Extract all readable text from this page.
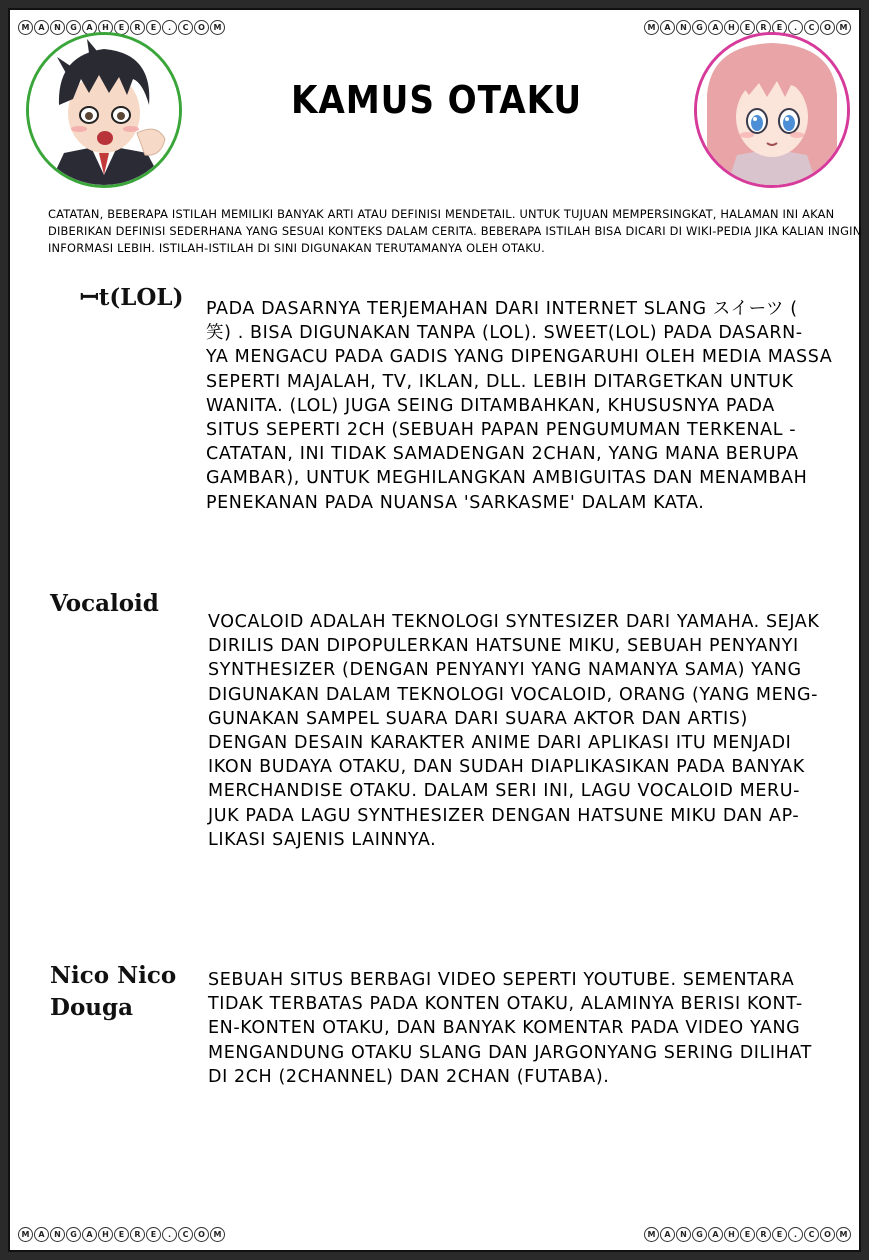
M	A	N	G	A	H	E	R	E	.	C	O	M	M	A	N	G	A	H	E	R	E	.	C	O	M
M	A	N	G	A	H	E	R	E	.	C	O	M	M	A	N	G	A	H	E	R	E	.	C	O	M
KAMUS OTAKU
CATATAN, BEBERAPA ISTILAH MEMILIKI BANYAK ARTI ATAU DEFINISI MENDETAIL. UNTUK TUJUAN MEMPERSINGKAT, HALAMAN INI AKAN DIBERIKAN DEFINISI SEDERHANA YANG SESUAI KONTEKS DALAM CERITA. BEBERAPA ISTILAH BISA DICARI DI WIKI-PEDIA JIKA KALIAN INGIN INFORMASI LEBIH. ISTILAH-ISTILAH DI SINI DIGUNAKAN TERUTAMANYA OLEH OTAKU.
ꟷt(LOL) PADA DASARNYA TERJEMAHAN DARI INTERNET SLANG スイーツ (
笑) . BISA DIGUNAKAN TANPA (LOL). SWEET(LOL) PADA DASARN-
YA MENGACU PADA GADIS YANG DIPENGARUHI OLEH MEDIA MASSA
SEPERTI MAJALAH, TV, IKLAN, DLL. LEBIH DITARGETKAN UNTUK
WANITA. (LOL) JUGA SEING DITAMBAHKAN, KHUSUSNYA PADA
SITUS SEPERTI 2CH (SEBUAH PAPAN PENGUMUMAN TERKENAL -
CATATAN, INI TIDAK SAMADENGAN 2CHAN, YANG MANA BERUPA
GAMBAR), UNTUK MEGHILANGKAN AMBIGUITAS DAN MENAMBAH
PENEKANAN PADA NUANSA 'SARKASME' DALAM KATA.
Vocaloid
VOCALOID ADALAH TEKNOLOGI SYNTESIZER DARI YAMAHA. SEJAK
DIRILIS DAN DIPOPULERKAN HATSUNE MIKU, SEBUAH PENYANYI
SYNTHESIZER (DENGAN PENYANYI YANG NAMANYA SAMA) YANG
DIGUNAKAN DALAM TEKNOLOGI VOCALOID, ORANG (YANG MENG-
GUNAKAN SAMPEL SUARA DARI SUARA AKTOR DAN ARTIS)
DENGAN DESAIN KARAKTER ANIME DARI APLIKASI ITU MENJADI
IKON BUDAYA OTAKU, DAN SUDAH DIAPLIKASIKAN PADA BANYAK
MERCHANDISE OTAKU. DALAM SERI INI, LAGU VOCALOID MERU-
JUK PADA LAGU SYNTHESIZER DENGAN HATSUNE MIKU DAN AP-
LIKASI SAJENIS LAINNYA.
Nico Nico
Douga
SEBUAH SITUS BERBAGI VIDEO SEPERTI YOUTUBE. SEMENTARA
TIDAK TERBATAS PADA KONTEN OTAKU, ALAMINYA BERISI KONT-
EN-KONTEN OTAKU, DAN BANYAK KOMENTAR PADA VIDEO YANG
MENGANDUNG OTAKU SLANG DAN JARGONYANG SERING DILIHAT
DI 2CH (2CHANNEL) DAN 2CHAN (FUTABA).
